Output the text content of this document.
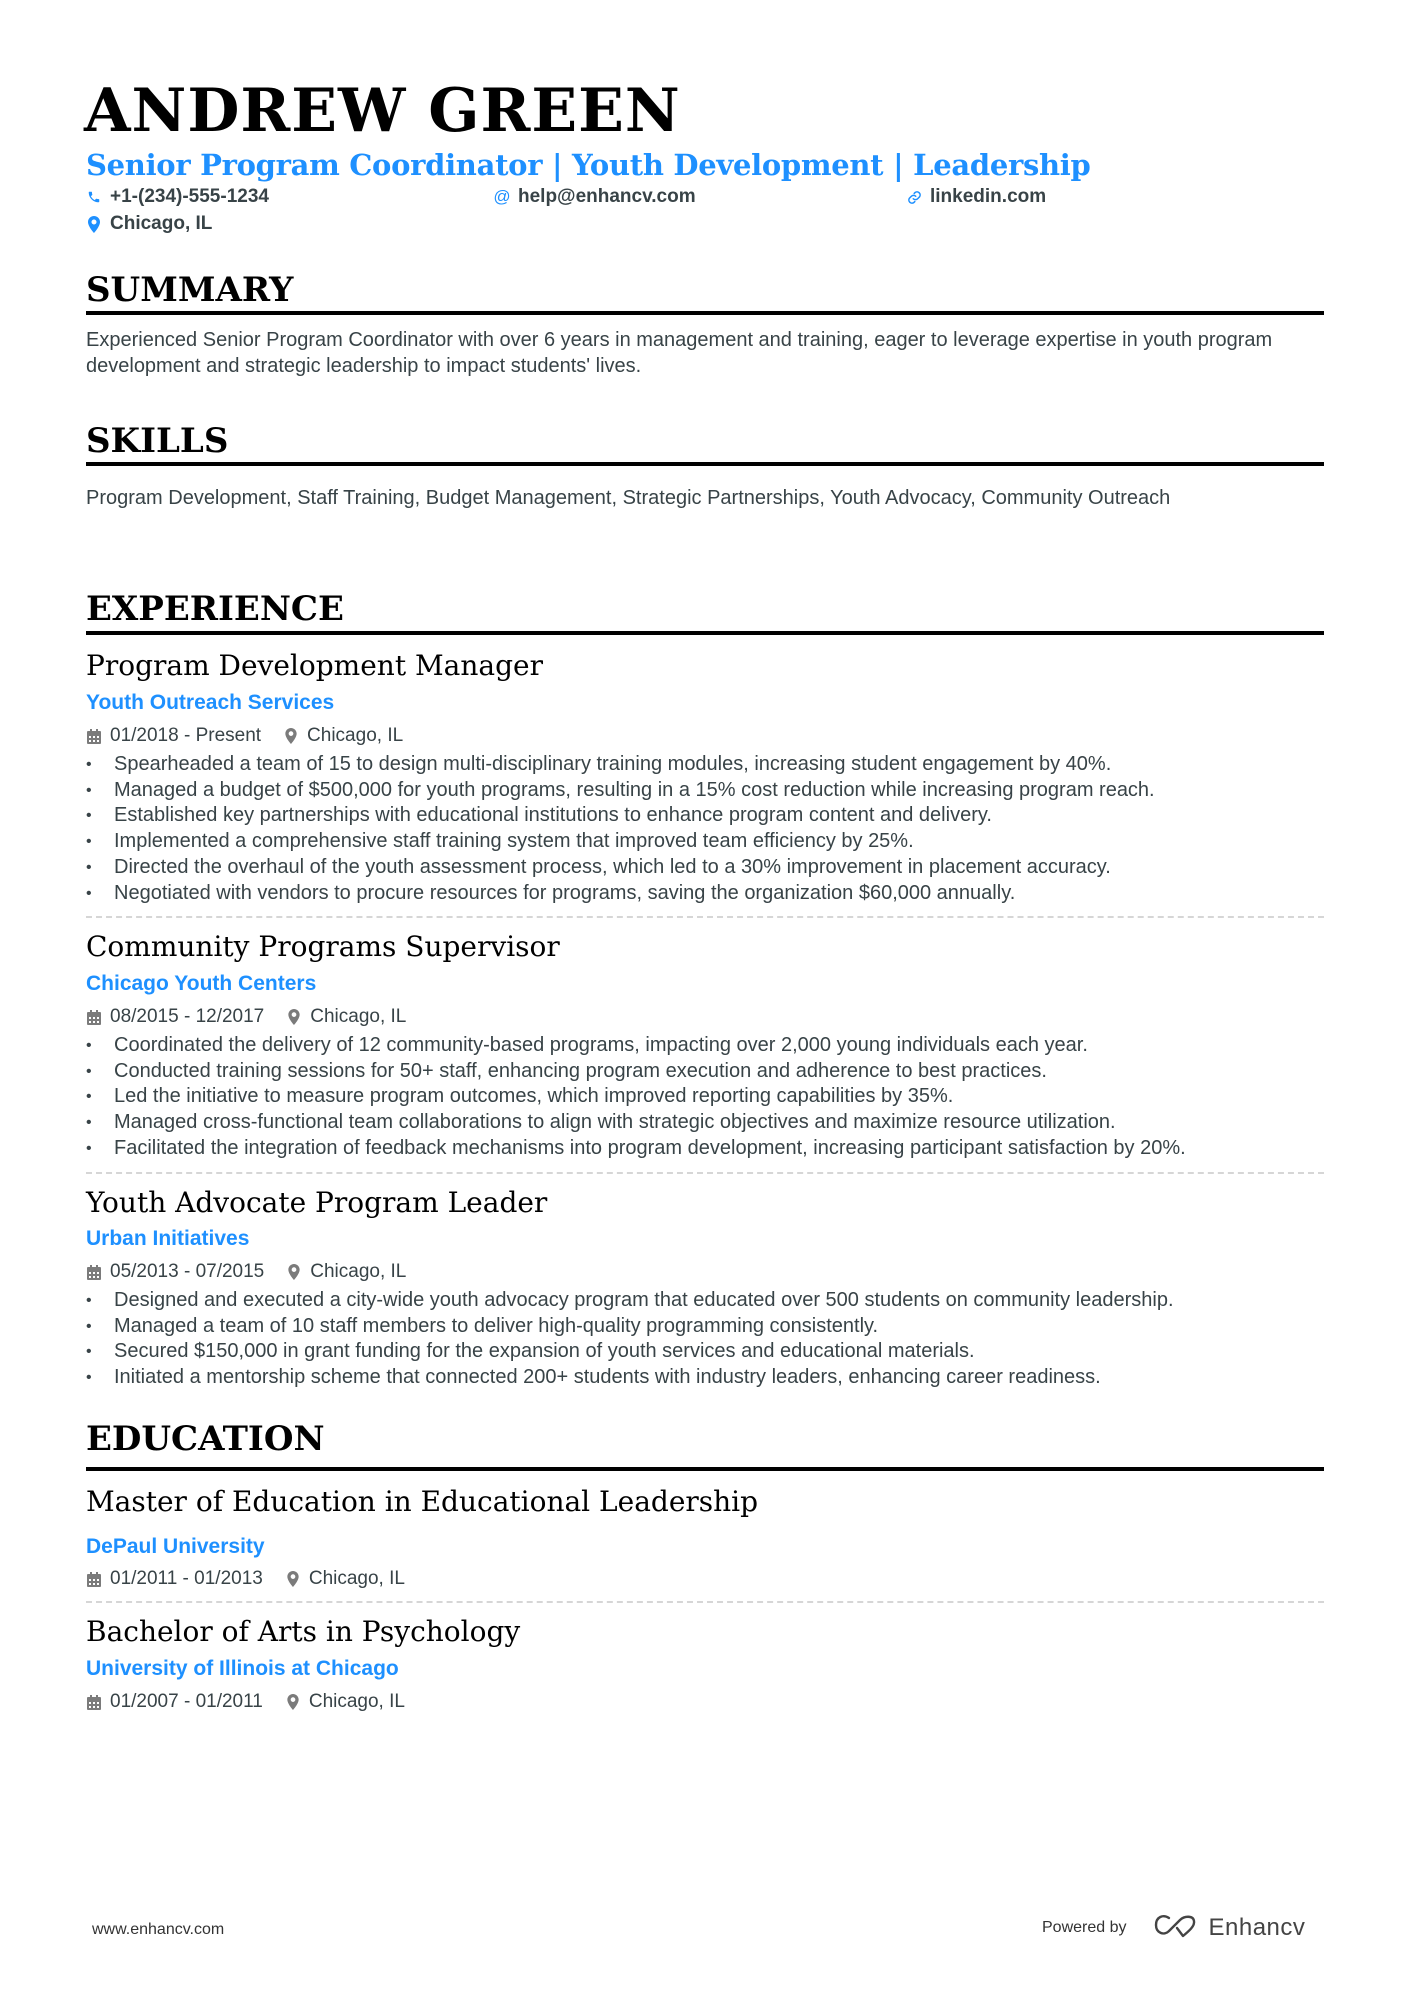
ANDREW GREEN
Senior Program Coordinator | Youth Development | Leadership
+1-(234)-555-1234	@ help@enhancv.com	linkedin.com
Chicago, IL
SUMMARY
Experienced Senior Program Coordinator with over 6 years in management and training, eager to leverage expertise in youth program development and strategic leadership to impact students' lives.
SKILLS
Program Development, Staff Training, Budget Management, Strategic Partnerships, Youth Advocacy, Community Outreach
EXPERIENCE
Program Development Manager
Youth Outreach Services
01/2018 - Present Chicago, IL
• Spearheaded a team of 15 to design multi-disciplinary training modules, increasing student engagement by 40%.
• Managed a budget of $500,000 for youth programs, resulting in a 15% cost reduction while increasing program reach.
• Established key partnerships with educational institutions to enhance program content and delivery.
• Implemented a comprehensive staff training system that improved team efficiency by 25%.
• Directed the overhaul of the youth assessment process, which led to a 30% improvement in placement accuracy.
• Negotiated with vendors to procure resources for programs, saving the organization $60,000 annually.
Community Programs Supervisor
Chicago Youth Centers
08/2015 - 12/2017 Chicago, IL
• Coordinated the delivery of 12 community-based programs, impacting over 2,000 young individuals each year.
• Conducted training sessions for 50+ staff, enhancing program execution and adherence to best practices.
• Led the initiative to measure program outcomes, which improved reporting capabilities by 35%.
• Managed cross-functional team collaborations to align with strategic objectives and maximize resource utilization.
• Facilitated the integration of feedback mechanisms into program development, increasing participant satisfaction by 20%.
Youth Advocate Program Leader
Urban Initiatives
05/2013 - 07/2015 Chicago, IL
• Designed and executed a city-wide youth advocacy program that educated over 500 students on community leadership.
• Managed a team of 10 staff members to deliver high-quality programming consistently.
• Secured $150,000 in grant funding for the expansion of youth services and educational materials.
• Initiated a mentorship scheme that connected 200+ students with industry leaders, enhancing career readiness.
EDUCATION
Master of Education in Educational Leadership
DePaul University
01/2011 - 01/2013 Chicago, IL
Bachelor of Arts in Psychology
University of Illinois at Chicago
01/2007 - 01/2011 Chicago, IL
www.enhancv.com	Powered by	Enhancv
